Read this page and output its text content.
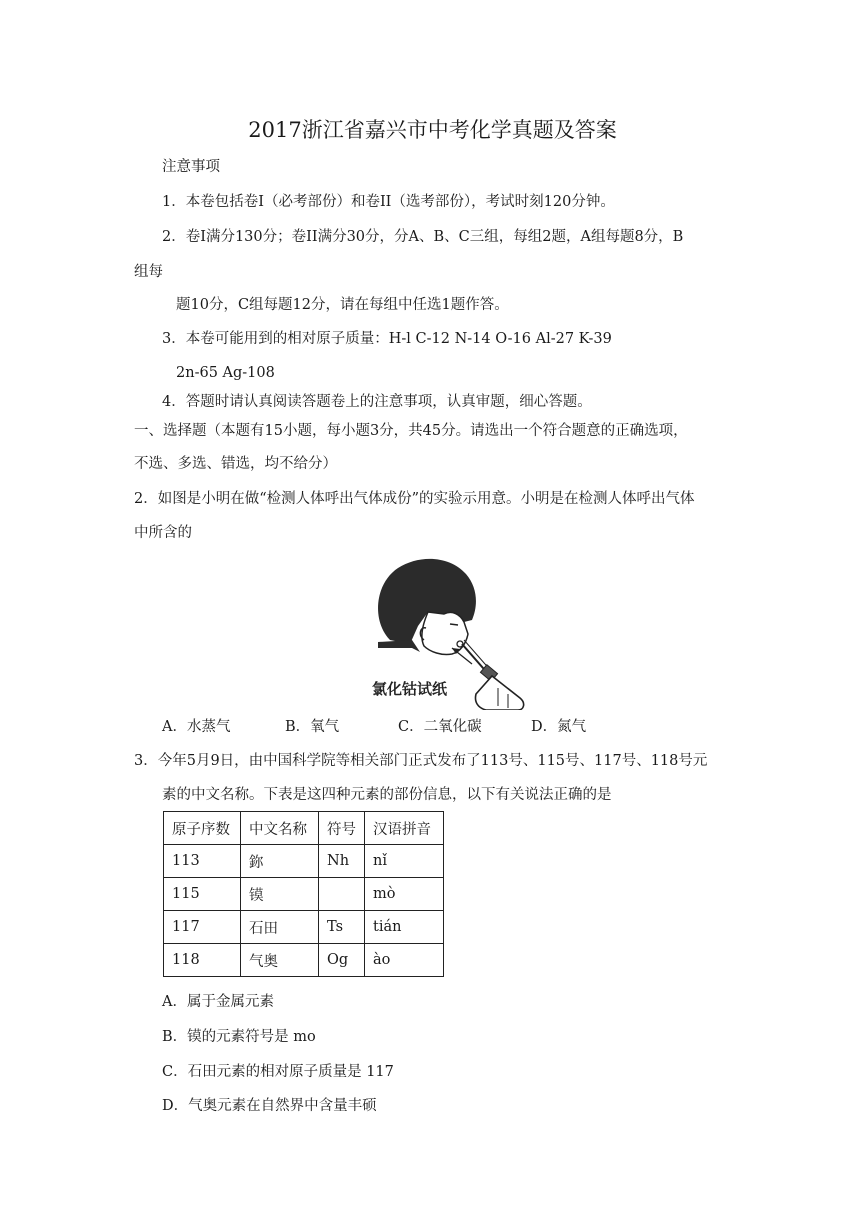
2017浙江省嘉兴市中考化学真题及答案
注意事项
1．本卷包括卷Ⅰ（必考部份）和卷II（选考部份），考试时刻120分钟。
2．卷Ⅰ满分130分；卷II满分30分，分A、B、C三组，每组2题，A组每题8分，B
组每
题10分，C组每题12分，请在每组中任选1题作答。
3．本卷可能用到的相对原子质量：H-l C-12 N-14 O-16 Al-27 K-39
2n-65 Ag-108
4．答题时请认真阅读答题卷上的注意事项，认真审题，细心答题。
一、选择题（本题有15小题，每小题3分，共45分。请选出一个符合题意的正确选项，
不选、多选、错选，均不给分）
2．如图是小明在做“检测人体呼出气体成份”的实验示用意。小明是在检测人体呼出气体
中所含的
氯化钴试纸
A．水蒸气	B．氧气	C．二氧化碳	D．氮气
3．今年5月9日，由中国科学院等相关部门正式发布了113号、115号、117号、118号元
素的中文名称。下表是这四种元素的部份信息，以下有关说法正确的是
原子序数	中文名称	符号	汉语拼音
113	鉨	Nh	nǐ
115	镆		mò
117	石田	Ts	tián
118	气奥	Og	ào
A．属于金属元素
B．镆的元素符号是 mo
C．石田元素的相对原子质量是 117
D．气奥元素在自然界中含量丰硕
